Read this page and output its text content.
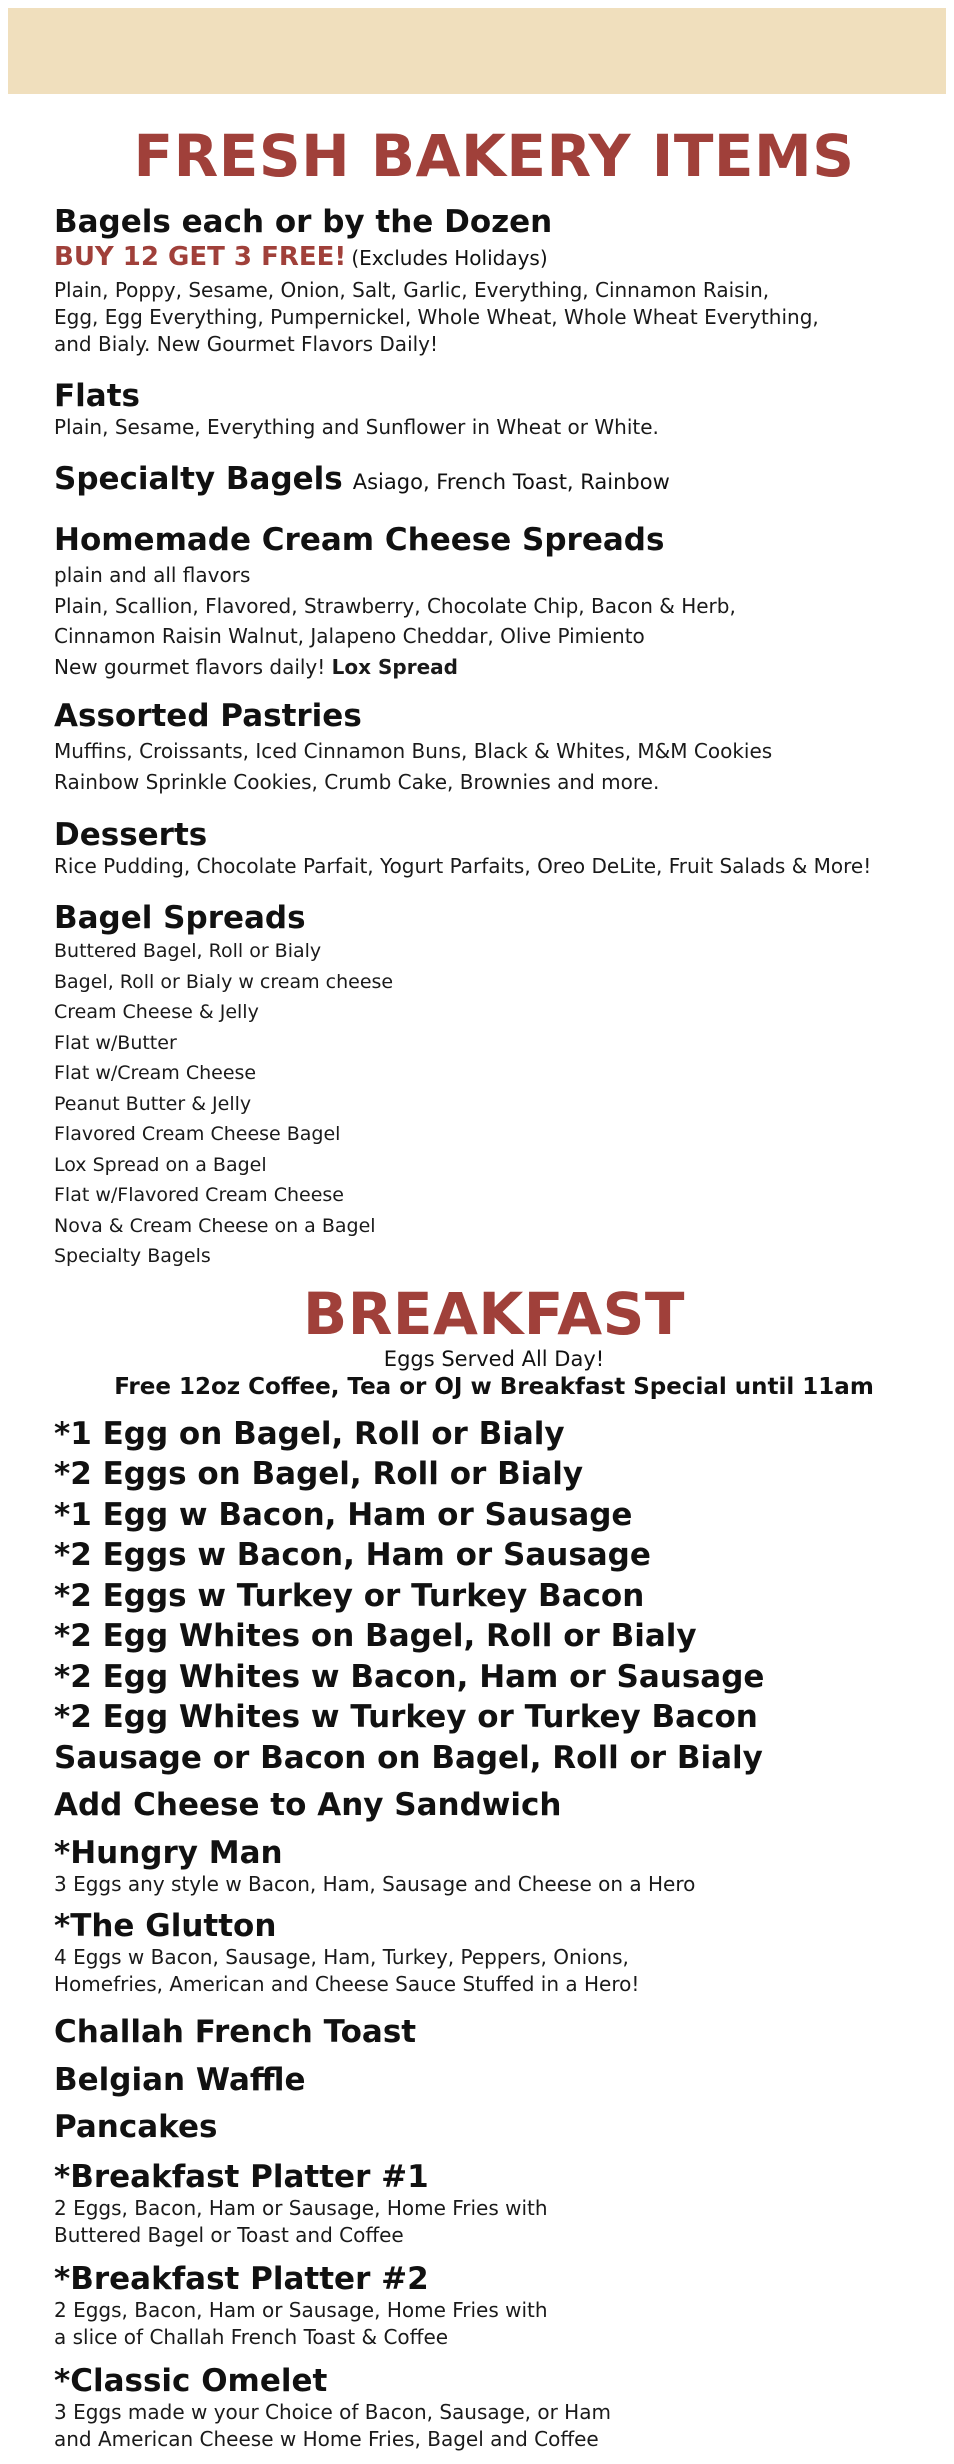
FRESH BAKERY ITEMS
Bagels each or by the Dozen
BUY 12 GET 3 FREE! (Excludes Holidays)
Plain, Poppy, Sesame, Onion, Salt, Garlic, Everything, Cinnamon Raisin,
Egg, Egg Everything, Pumpernickel, Whole Wheat, Whole Wheat Everything,
and Bialy. New Gourmet Flavors Daily!
Flats
Plain, Sesame, Everything and Sunflower in Wheat or White.
Specialty Bagels Asiago, French Toast, Rainbow
Homemade Cream Cheese Spreads
plain and all flavors
Plain, Scallion, Flavored, Strawberry, Chocolate Chip, Bacon & Herb,
Cinnamon Raisin Walnut, Jalapeno Cheddar, Olive Pimiento
New gourmet flavors daily! Lox Spread
Assorted Pastries
Muffins, Croissants, Iced Cinnamon Buns, Black & Whites, M&M Cookies
Rainbow Sprinkle Cookies, Crumb Cake, Brownies and more.
Desserts
Rice Pudding, Chocolate Parfait, Yogurt Parfaits, Oreo DeLite, Fruit Salads & More!
Bagel Spreads
Buttered Bagel, Roll or Bialy
Bagel, Roll or Bialy w cream cheese
Cream Cheese & Jelly
Flat w/Butter
Flat w/Cream Cheese
Peanut Butter & Jelly
Flavored Cream Cheese Bagel
Lox Spread on a Bagel
Flat w/Flavored Cream Cheese
Nova & Cream Cheese on a Bagel
Specialty Bagels
BREAKFAST
Eggs Served All Day!
Free 12oz Coffee, Tea or OJ w Breakfast Special until 11am
*1 Egg on Bagel, Roll or Bialy
*2 Eggs on Bagel, Roll or Bialy
*1 Egg w Bacon, Ham or Sausage
*2 Eggs w Bacon, Ham or Sausage
*2 Eggs w Turkey or Turkey Bacon
*2 Egg Whites on Bagel, Roll or Bialy
*2 Egg Whites w Bacon, Ham or Sausage
*2 Egg Whites w Turkey or Turkey Bacon
Sausage or Bacon on Bagel, Roll or Bialy
Add Cheese to Any Sandwich
*Hungry Man
3 Eggs any style w Bacon, Ham, Sausage and Cheese on a Hero
*The Glutton
4 Eggs w Bacon, Sausage, Ham, Turkey, Peppers, Onions,
Homefries, American and Cheese Sauce Stuffed in a Hero!
Challah French Toast
Belgian Waffle
Pancakes
*Breakfast Platter #1
2 Eggs, Bacon, Ham or Sausage, Home Fries with
Buttered Bagel or Toast and Coffee
*Breakfast Platter #2
2 Eggs, Bacon, Ham or Sausage, Home Fries with
a slice of Challah French Toast & Coffee
*Classic Omelet
3 Eggs made w your Choice of Bacon, Sausage, or Ham
and American Cheese w Home Fries, Bagel and Coffee
